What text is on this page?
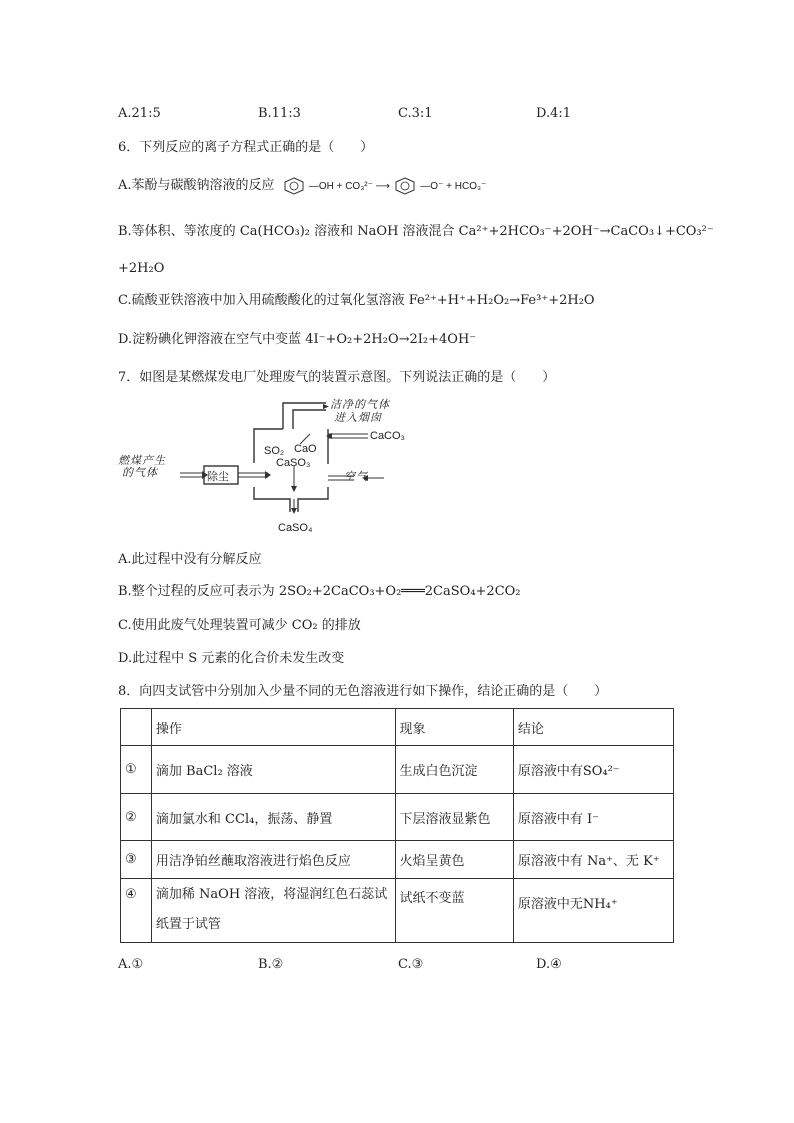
A.21:5	B.11:3	C.3:1	D.4:1
6．下列反应的离子方程式正确的是（　　）
A.苯酚与碳酸钠溶液的反应	—OH + CO₃²⁻ ⟶	—O⁻ + HCO₃⁻
B.等体积、等浓度的 Ca(HCO₃)₂ 溶液和 NaOH 溶液混合 Ca²⁺+2HCO₃⁻+2OH⁻→CaCO₃↓+CO₃²⁻
+2H₂O
C.硫酸亚铁溶液中加入用硫酸酸化的过氧化氢溶液 Fe²⁺+H⁺+H₂O₂→Fe³⁺+2H₂O
D.淀粉碘化钾溶液在空气中变蓝 4I⁻+O₂+2H₂O→2I₂+4OH⁻
7．如图是某燃煤发电厂处理废气的装置示意图。下列说法正确的是（　　）
燃煤产生
的气体	除尘
洁净的气体
进入烟囱
CaCO₃
SO₂ CaO
CaSO₃
空气
CaSO₄
A.此过程中没有分解反应
B.整个过程的反应可表示为 2SO₂+2CaCO₃+O₂═══2CaSO₄+2CO₂
C.使用此废气处理装置可减少 CO₂ 的排放
D.此过程中 S 元素的化合价未发生改变
8．向四支试管中分别加入少量不同的无色溶液进行如下操作，结论正确的是（　　）
	操作	现象	结论
①	滴加 BaCl₂ 溶液	生成白色沉淀	原溶液中有SO₄²⁻
②	滴加氯水和 CCl₄，振荡、静置	下层溶液显紫色	原溶液中有 I⁻
③	用洁净铂丝蘸取溶液进行焰色反应	火焰呈黄色	原溶液中有 Na⁺、无 K⁺
④	滴加稀 NaOH 溶液，将湿润红色石蕊试
纸置于试管	试纸不变蓝	原溶液中无NH₄⁺
A.①	B.②	C.③	D.④
